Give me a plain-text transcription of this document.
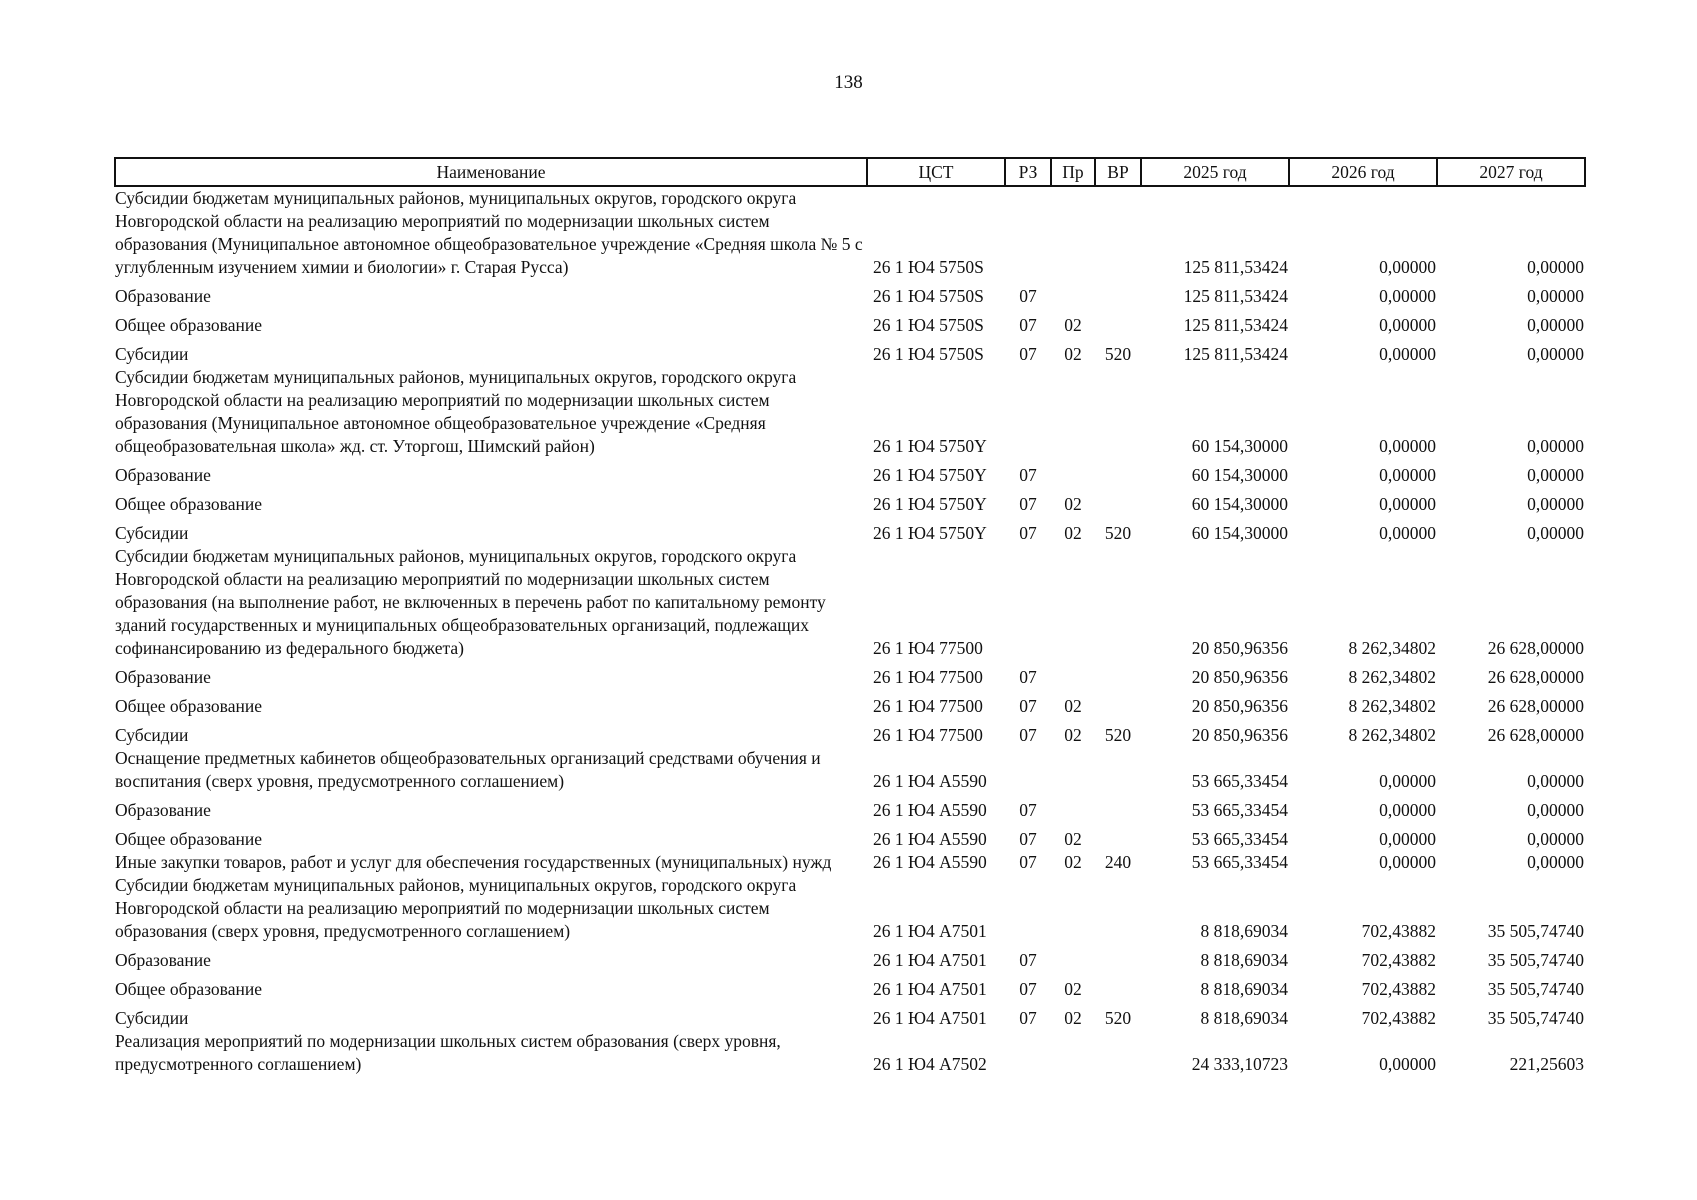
138
Наименование	ЦСТ	РЗ	Пр	ВР	2025 год	2026 год	2027 год
Субсидии бюджетам муниципальных районов, муниципальных округов, городского округа Новгородской области на реализацию мероприятий по модернизации школьных систем образования (Муниципальное автономное общеобразовательное учреждение «Средняя школа № 5 с углубленным изучением химии и биологии» г. Старая Русса)	26 1 Ю4 5750S				125 811,53424	0,00000	0,00000
Образование	26 1 Ю4 5750S	07			125 811,53424	0,00000	0,00000
Общее образование	26 1 Ю4 5750S	07	02		125 811,53424	0,00000	0,00000
Субсидии	26 1 Ю4 5750S	07	02	520	125 811,53424	0,00000	0,00000
Субсидии бюджетам муниципальных районов, муниципальных округов, городского округа Новгородской области на реализацию мероприятий по модернизации школьных систем образования (Муниципальное автономное общеобразовательное учреждение «Средняя общеобразовательная школа» жд. ст. Уторгош, Шимский район)	26 1 Ю4 5750Y				60 154,30000	0,00000	0,00000
Образование	26 1 Ю4 5750Y	07			60 154,30000	0,00000	0,00000
Общее образование	26 1 Ю4 5750Y	07	02		60 154,30000	0,00000	0,00000
Субсидии	26 1 Ю4 5750Y	07	02	520	60 154,30000	0,00000	0,00000
Субсидии бюджетам муниципальных районов, муниципальных округов, городского округа Новгородской области на реализацию мероприятий по модернизации школьных систем образования (на выполнение работ, не включенных в перечень работ по капитальному ремонту зданий государственных и муниципальных общеобразовательных организаций, подлежащих софинансированию из федерального бюджета)	26 1 Ю4 77500				20 850,96356	8 262,34802	26 628,00000
Образование	26 1 Ю4 77500	07			20 850,96356	8 262,34802	26 628,00000
Общее образование	26 1 Ю4 77500	07	02		20 850,96356	8 262,34802	26 628,00000
Субсидии	26 1 Ю4 77500	07	02	520	20 850,96356	8 262,34802	26 628,00000
Оснащение предметных кабинетов общеобразовательных организаций средствами обучения и воспитания (сверх уровня, предусмотренного соглашением)	26 1 Ю4 А5590				53 665,33454	0,00000	0,00000
Образование	26 1 Ю4 А5590	07			53 665,33454	0,00000	0,00000
Общее образование	26 1 Ю4 А5590	07	02		53 665,33454	0,00000	0,00000
Иные закупки товаров, работ и услуг для обеспечения государственных (муниципальных) нужд	26 1 Ю4 А5590	07	02	240	53 665,33454	0,00000	0,00000
Субсидии бюджетам муниципальных районов, муниципальных округов, городского округа Новгородской области на реализацию мероприятий по модернизации школьных систем образования (сверх уровня, предусмотренного соглашением)	26 1 Ю4 А7501				8 818,69034	702,43882	35 505,74740
Образование	26 1 Ю4 А7501	07			8 818,69034	702,43882	35 505,74740
Общее образование	26 1 Ю4 А7501	07	02		8 818,69034	702,43882	35 505,74740
Субсидии	26 1 Ю4 А7501	07	02	520	8 818,69034	702,43882	35 505,74740
Реализация мероприятий по модернизации школьных систем образования (сверх уровня, предусмотренного соглашением)	26 1 Ю4 А7502				24 333,10723	0,00000	221,25603
